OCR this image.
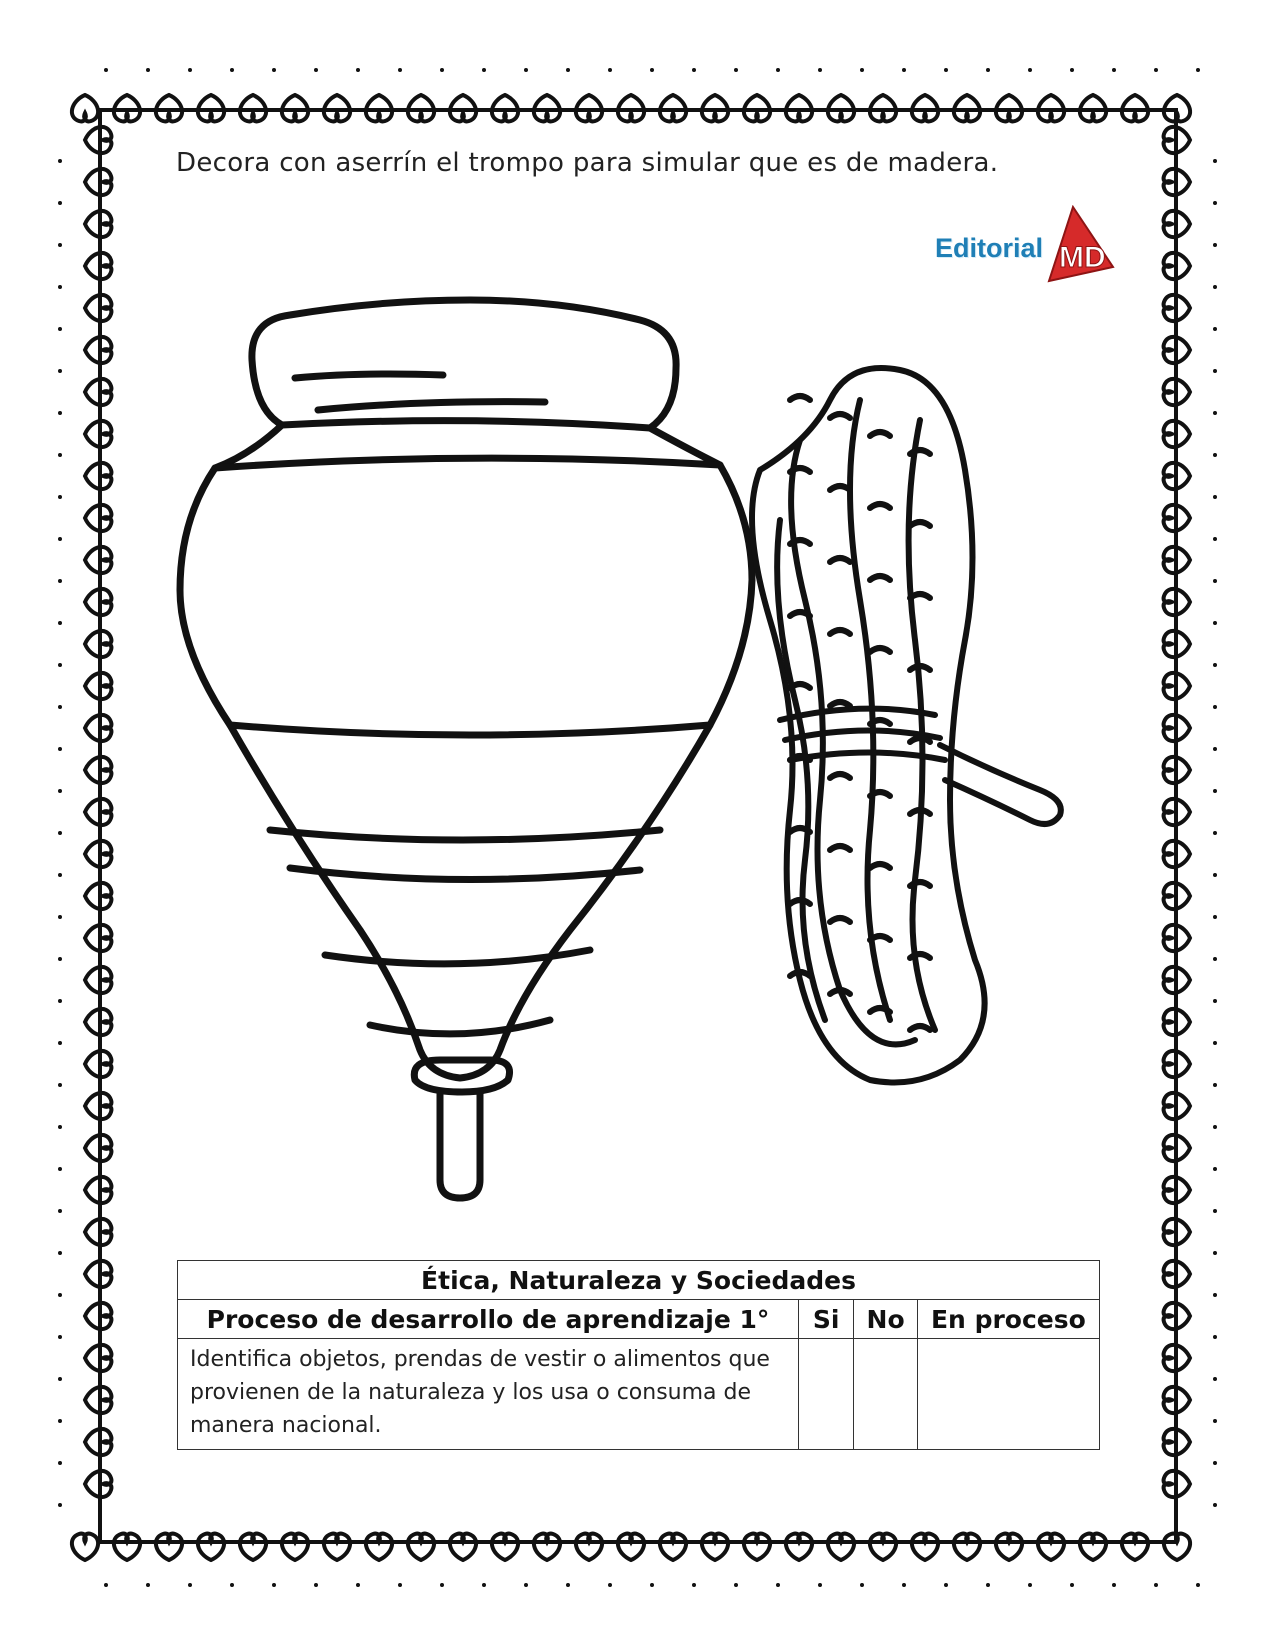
Decora con aserrín el trompo para simular que es de madera.
Editorial MD
Ética, Naturaleza y Sociedades			
Proceso de desarrollo de aprendizaje 1°	Si	No	En proceso

Identifica objetos, prendas de vestir o alimentos que provienen de la naturaleza y los usa o consuma de manera nacional.			
